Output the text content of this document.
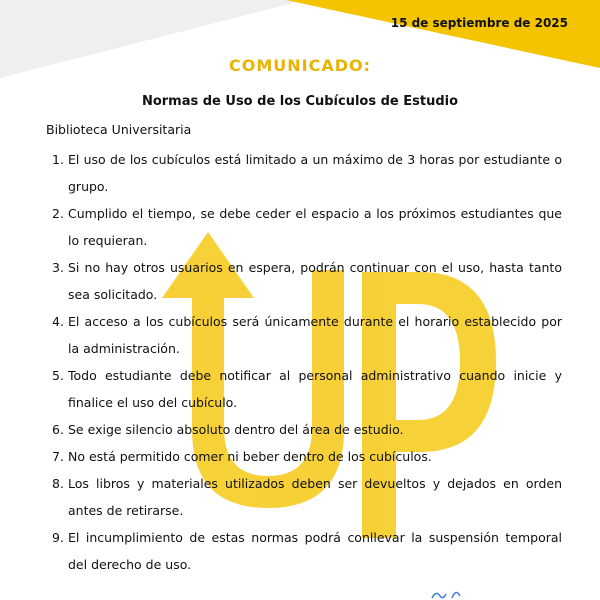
15 de septiembre de 2025
COMUNICADO:
Normas de Uso de los Cubículos de Estudio
Biblioteca Universitaria
1. El uso de los cubículos está limitado a un máximo de 3 horas por estudiante o grupo.
2. Cumplido el tiempo, se debe ceder el espacio a los próximos estudiantes que lo requieran.
3. Si no hay otros usuarios en espera, podrán continuar con el uso, hasta tanto sea solicitado.
4. El acceso a los cubículos será únicamente durante el horario establecido por la administración.
5. Todo estudiante debe notificar al personal administrativo cuando inicie y finalice el uso del cubículo.
6. Se exige silencio absoluto dentro del área de estudio.
7. No está permitido comer ni beber dentro de los cubículos.
8. Los libros y materiales utilizados deben ser devueltos y dejados en orden antes de retirarse.
9. El incumplimiento de estas normas podrá conllevar la suspensión temporal del derecho de uso.
